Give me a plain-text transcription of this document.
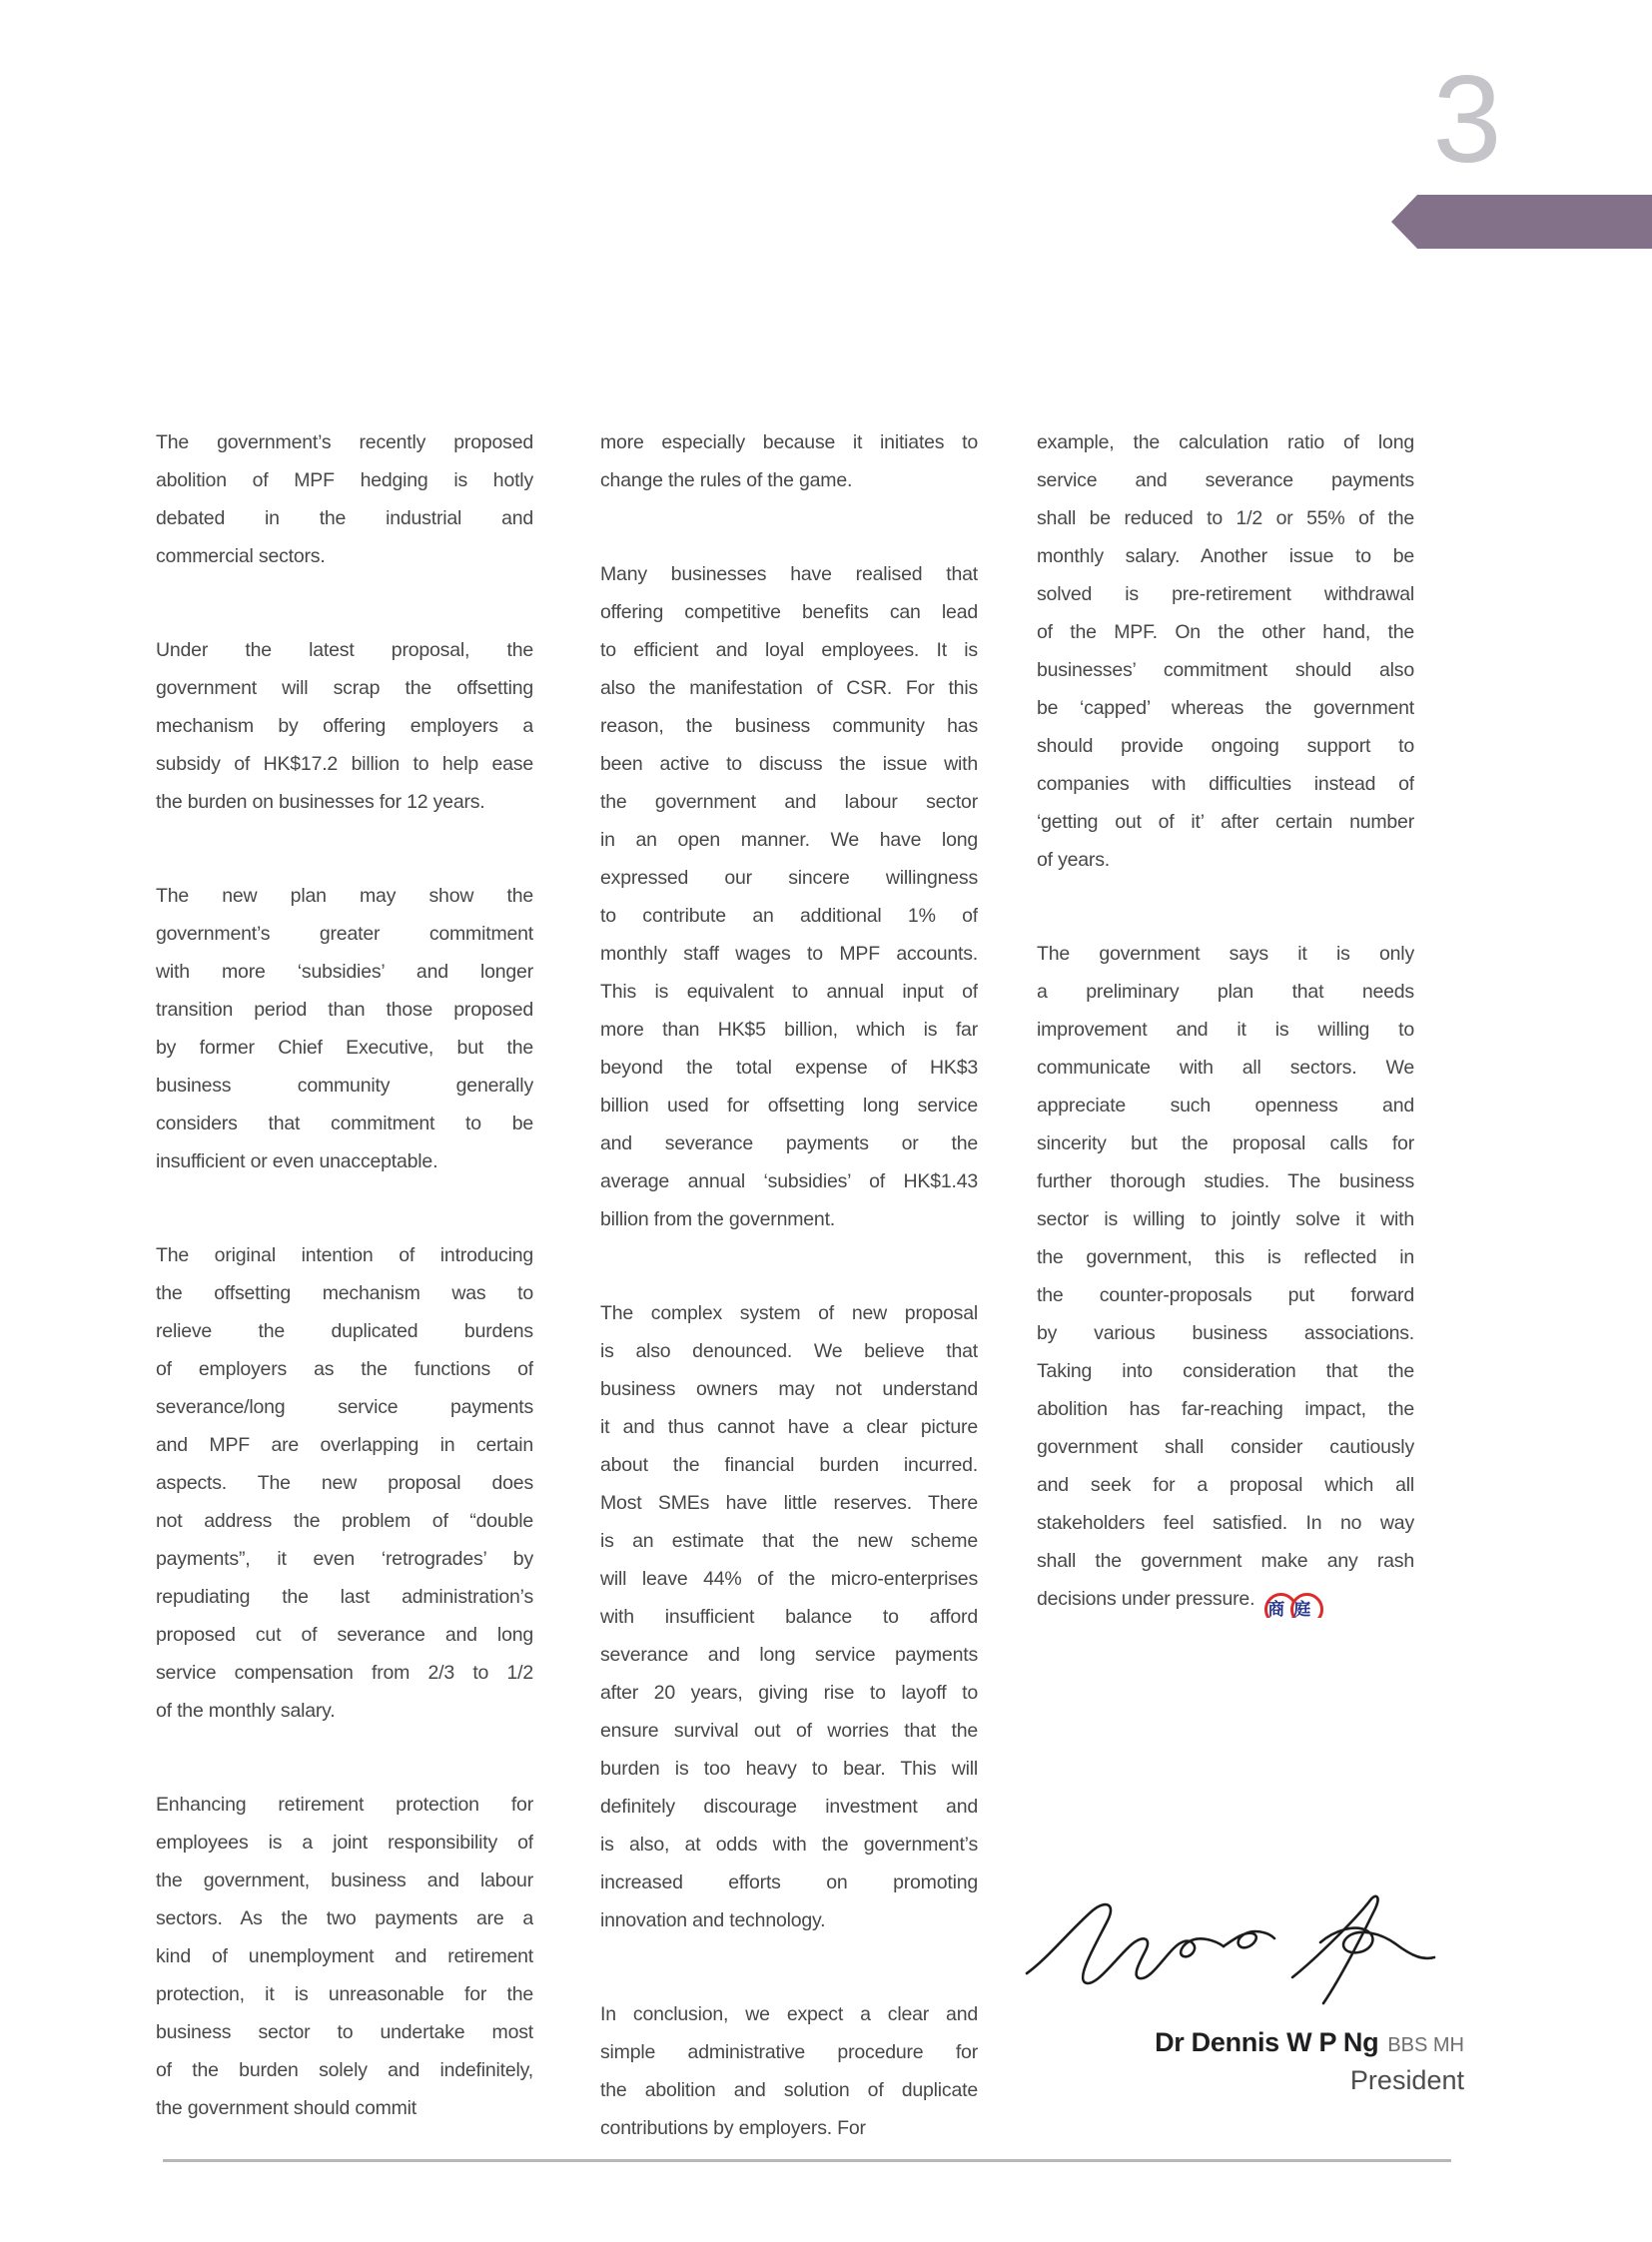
3
The government’s recently proposed
abolition of MPF hedging is hotly
debated in the industrial and
commercial sectors.
Under the latest proposal, the
government will scrap the offsetting
mechanism by offering employers a
subsidy of HK$17.2 billion to help ease
the burden on businesses for 12 years.
The new plan may show the
government’s greater commitment
with more ‘subsidies’ and longer
transition period than those proposed
by former Chief Executive, but the
business community generally
considers that commitment to be
insufficient or even unacceptable.
The original intention of introducing
the offsetting mechanism was to
relieve the duplicated burdens
of employers as the functions of
severance/long service payments
and MPF are overlapping in certain
aspects. The new proposal does
not address the problem of “double
payments”, it even ‘retrogrades’ by
repudiating the last administration’s
proposed cut of severance and long
service compensation from 2/3 to 1/2
of the monthly salary.
Enhancing retirement protection for
employees is a joint responsibility of
the government, business and labour
sectors. As the two payments are a
kind of unemployment and retirement
protection, it is unreasonable for the
business sector to undertake most
of the burden solely and indefinitely,
the government should commit
more especially because it initiates to
change the rules of the game.
Many businesses have realised that
offering competitive benefits can lead
to efficient and loyal employees. It is
also the manifestation of CSR. For this
reason, the business community has
been active to discuss the issue with
the government and labour sector
in an open manner. We have long
expressed our sincere willingness
to contribute an additional 1% of
monthly staff wages to MPF accounts.
This is equivalent to annual input of
more than HK$5 billion, which is far
beyond the total expense of HK$3
billion used for offsetting long service
and severance payments or the
average annual ‘subsidies’ of HK$1.43
billion from the government.
The complex system of new proposal
is also denounced. We believe that
business owners may not understand
it and thus cannot have a clear picture
about the financial burden incurred.
Most SMEs have little reserves. There
is an estimate that the new scheme
will leave 44% of the micro-enterprises
with insufficient balance to afford
severance and long service payments
after 20 years, giving rise to layoff to
ensure survival out of worries that the
burden is too heavy to bear. This will
definitely discourage investment and
is also, at odds with the government’s
increased efforts on promoting
innovation and technology.
In conclusion, we expect a clear and
simple administrative procedure for
the abolition and solution of duplicate
contributions by employers. For
example, the calculation ratio of long
service and severance payments
shall be reduced to 1/2 or 55% of the
monthly salary. Another issue to be
solved is pre-retirement withdrawal
of the MPF. On the other hand, the
businesses’ commitment should also
be ‘capped’ whereas the government
should provide ongoing support to
companies with difficulties instead of
‘getting out of it’ after certain number
of years.
The government says it is only
a preliminary plan that needs
improvement and it is willing to
communicate with all sectors. We
appreciate such openness and
sincerity but the proposal calls for
further thorough studies. The business
sector is willing to jointly solve it with
the government, this is reflected in
the counter-proposals put forward
by various business associations.
Taking into consideration that the
abolition has far-reaching impact, the
government shall consider cautiously
and seek for a proposal which all
stakeholders feel satisfied. In no way
shall the government make any rash
decisions under pressure. 商 庭
Dr Dennis W P Ng BBS MH
President
